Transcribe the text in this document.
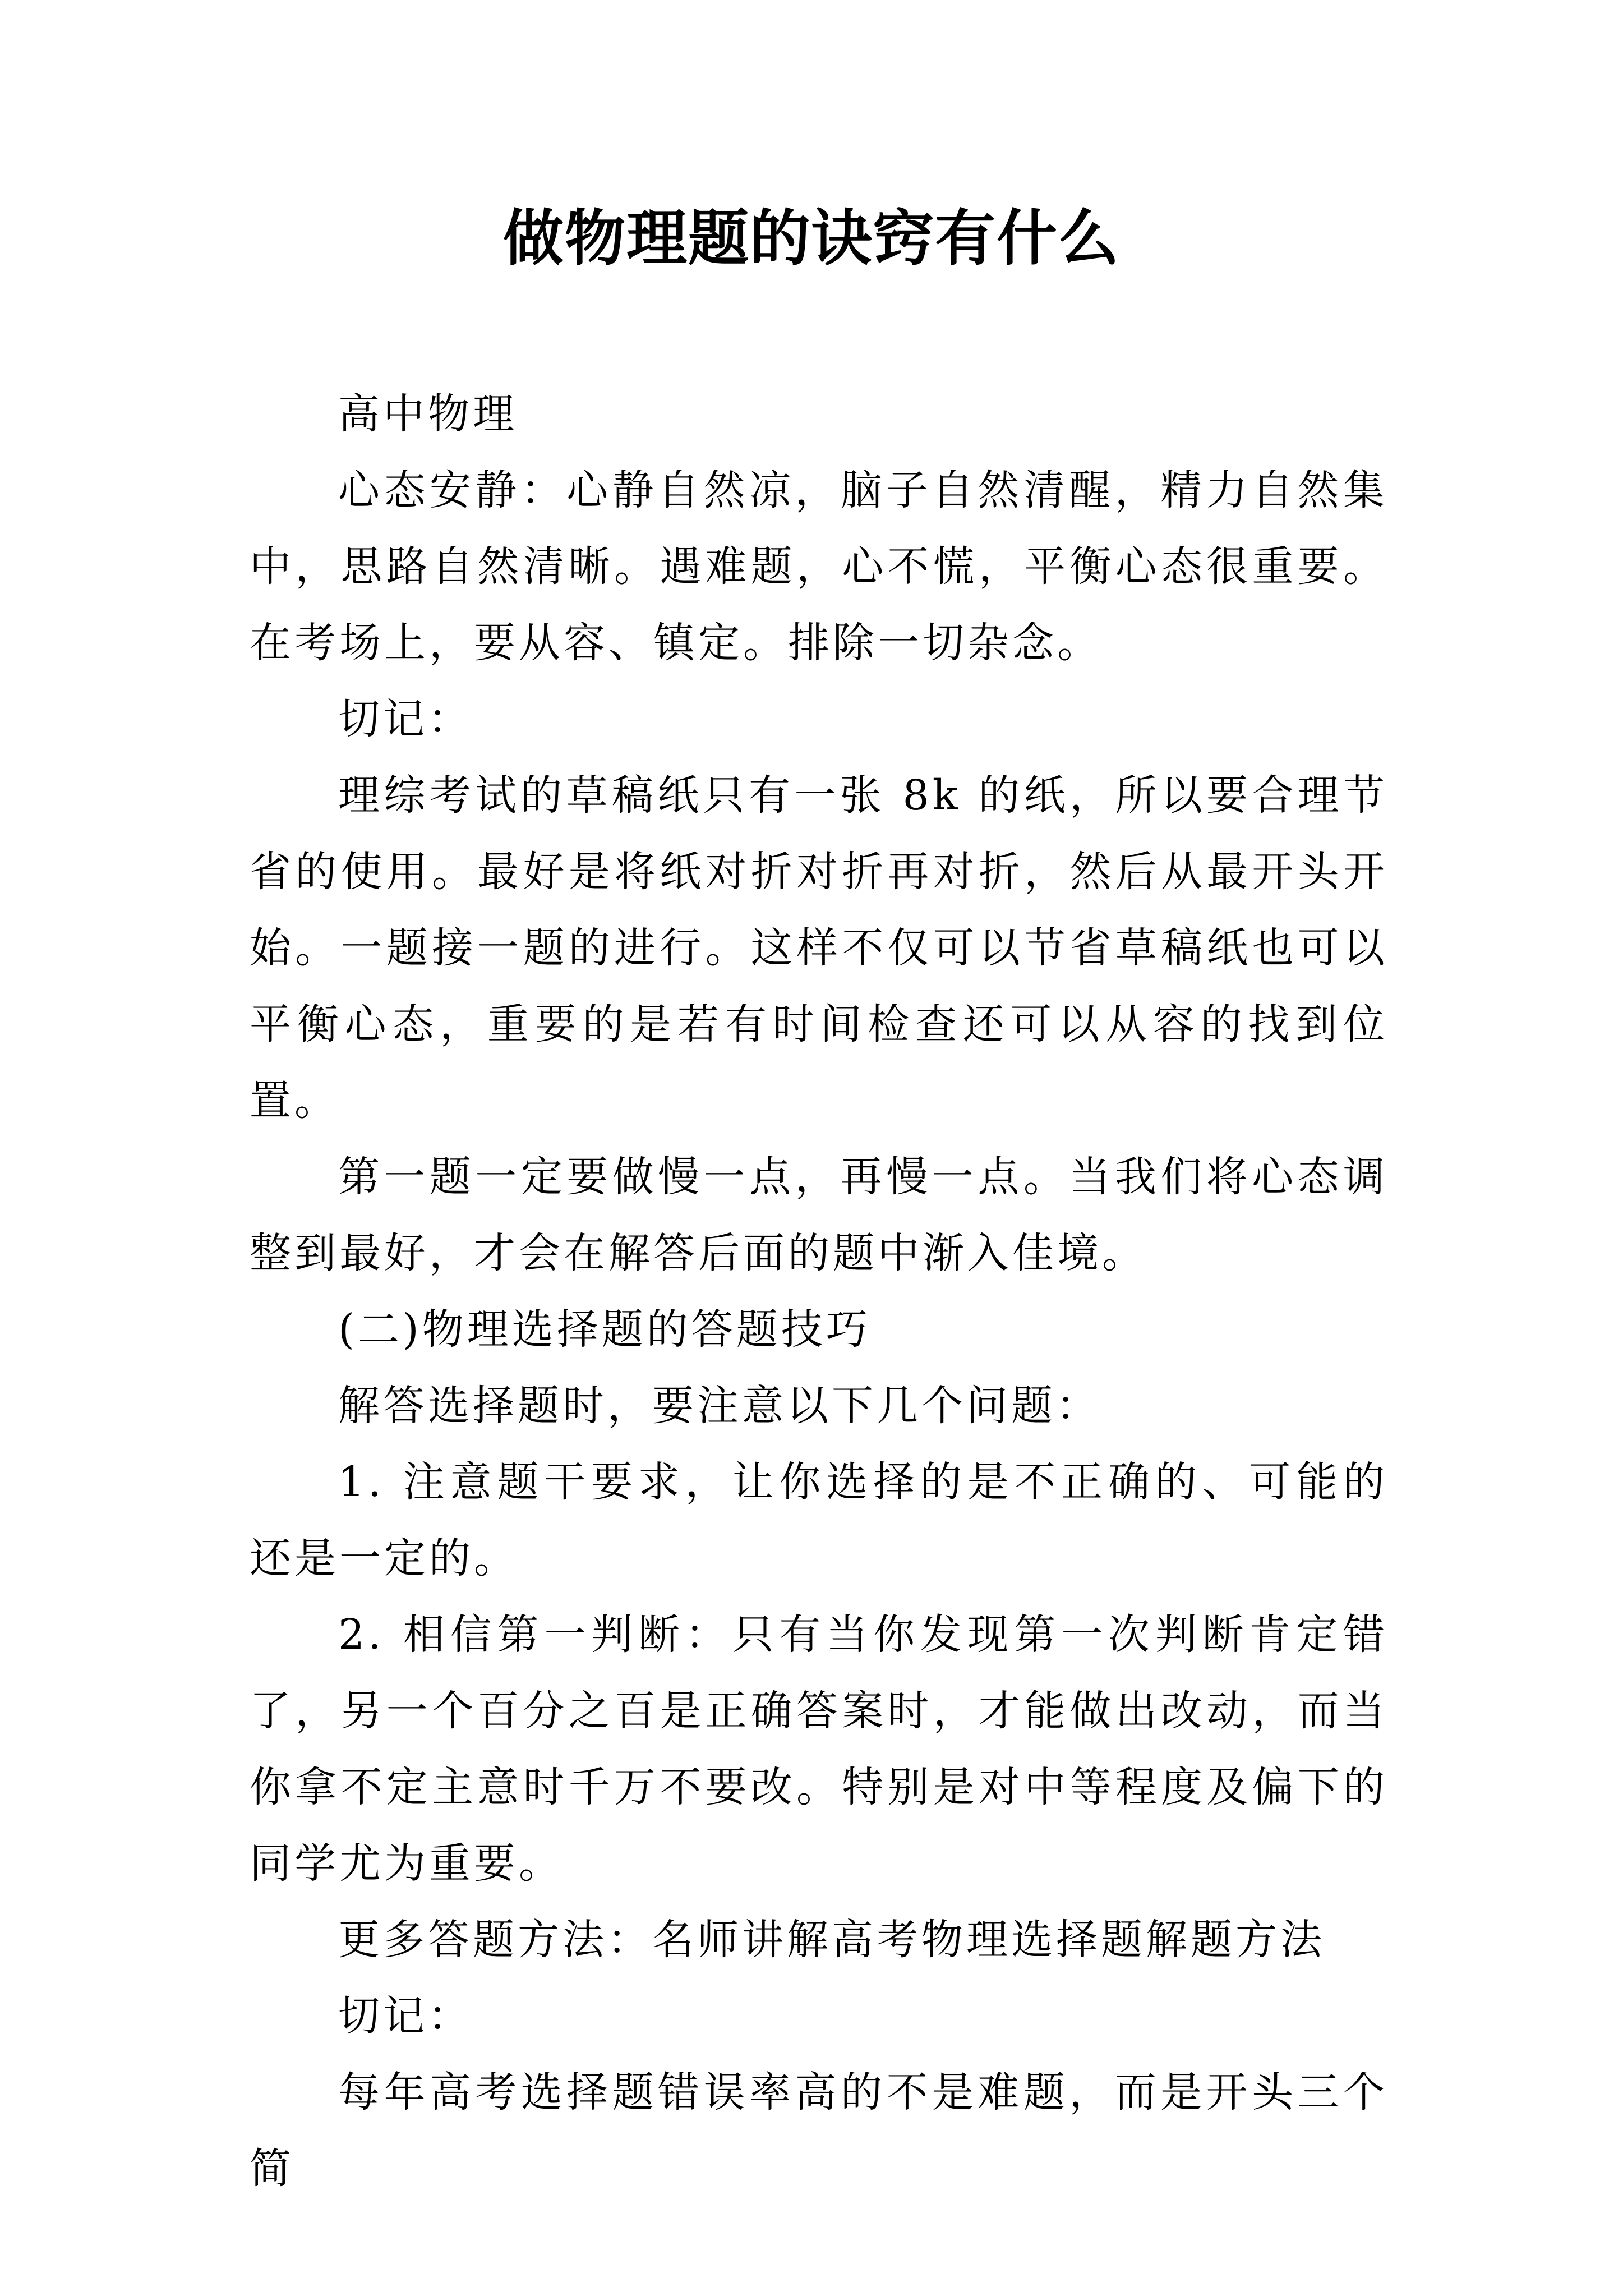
做物理题的诀窍有什么

高中物理

心态安静：心静自然凉，脑子自然清醒，精力自然集中，思路自然清晰。遇难题，心不慌，平衡心态很重要。在考场上，要从容、镇定。排除一切杂念。

切记：

理综考试的草稿纸只有一张 8k 的纸，所以要合理节省的使用。最好是将纸对折对折再对折，然后从最开头开始。一题接一题的进行。这样不仅可以节省草稿纸也可以平衡心态，重要的是若有时间检查还可以从容的找到位置。

第一题一定要做慢一点，再慢一点。当我们将心态调整到最好，才会在解答后面的题中渐入佳境。

(二)物理选择题的答题技巧

解答选择题时，要注意以下几个问题：

1. 注意题干要求，让你选择的是不正确的、可能的还是一定的。

2. 相信第一判断：只有当你发现第一次判断肯定错了，另一个百分之百是正确答案时，才能做出改动，而当你拿不定主意时千万不要改。特别是对中等程度及偏下的同学尤为重要。

更多答题方法：名师讲解高考物理选择题解题方法

切记：

每年高考选择题错误率高的不是难题，而是开头三个简
